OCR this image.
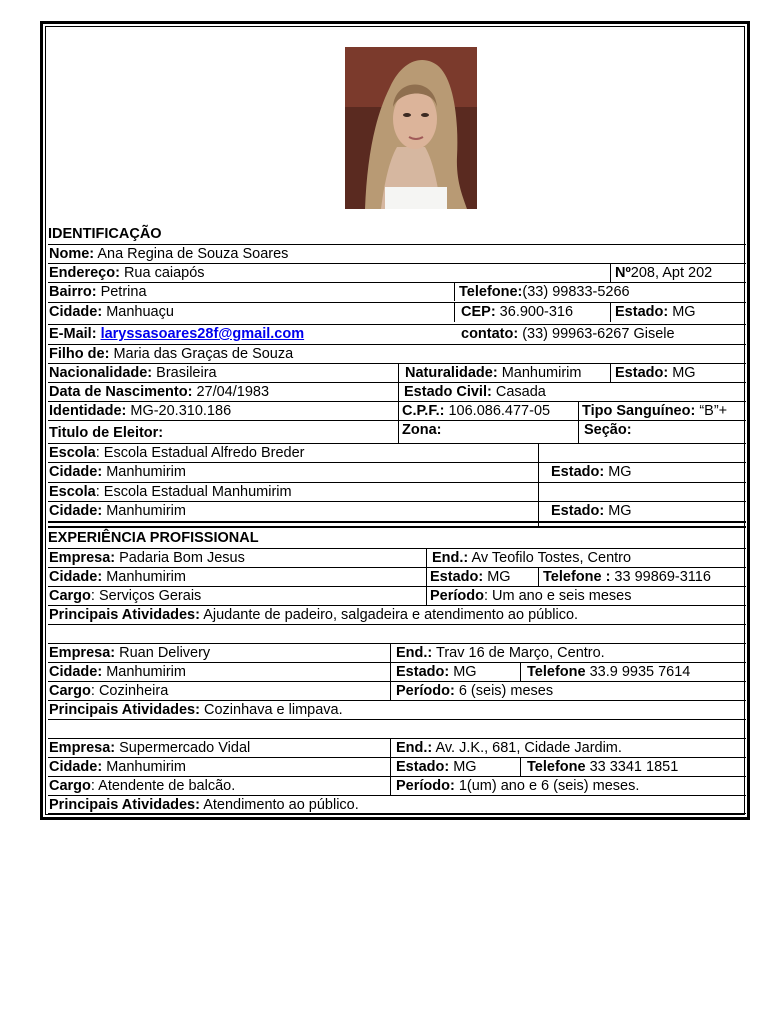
IDENTIFICAÇÃO
Nome: Ana Regina de Souza Soares
Endereço: Rua caiapós	Nº208, Apt 202
Bairro: Petrina	Telefone:(33) 99833-5266
Cidade: Manhuaçu	CEP: 36.900-316	Estado: MG
E-Mail: laryssasoares28f@gmail.com	contato: (33) 99963-6267 Gisele
Filho de: Maria das Graças de Souza
Nacionalidade: Brasileira	Naturalidade: Manhumirim	Estado: MG
Data de Nascimento: 27/04/1983	Estado Civil: Casada
Identidade: MG-20.310.186	C.P.F.: 106.086.477-05	Tipo Sanguíneo: “B”+
Titulo de Eleitor:	Zona:	Seção:
Escola: Escola Estadual Alfredo Breder
Cidade: Manhumirim	Estado: MG
Escola: Escola Estadual Manhumirim
Cidade: Manhumirim	Estado: MG
EXPERIÊNCIA PROFISSIONAL
Empresa: Padaria Bom Jesus	End.: Av Teofilo Tostes, Centro
Cidade: Manhumirim	Estado: MG	Telefone : 33 99869-3116
Cargo: Serviços Gerais	Período: Um ano e seis meses
Principais Atividades: Ajudante de padeiro, salgadeira e atendimento ao público.
Empresa: Ruan Delivery	End.: Trav 16 de Março, Centro.
Cidade: Manhumirim	Estado: MG	Telefone 33.9 9935 7614
Cargo: Cozinheira	Período: 6 (seis) meses
Principais Atividades: Cozinhava e limpava.
Empresa: Supermercado Vidal	End.: Av. J.K., 681, Cidade Jardim.
Cidade: Manhumirim	Estado: MG	Telefone 33 3341 1851
Cargo: Atendente de balcão.	Período: 1(um) ano e 6 (seis) meses.
Principais Atividades: Atendimento ao público.
